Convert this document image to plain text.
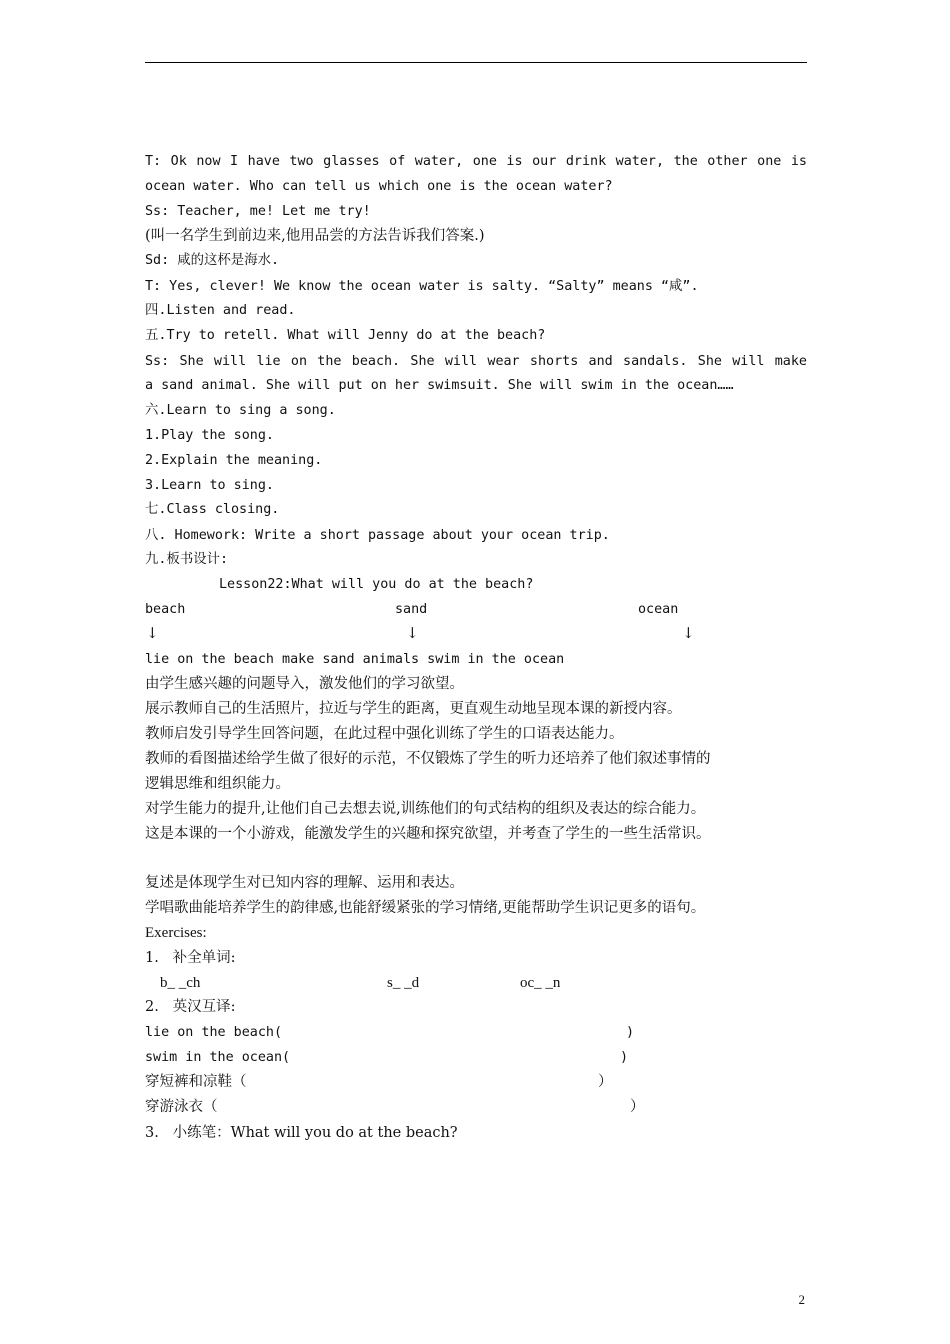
T: Ok now I have two glasses of water, one is our drink water, the other one is
ocean water. Who can tell us which one is the ocean water?
Ss: Teacher, me! Let me try!
(叫一名学生到前边来,他用品尝的方法告诉我们答案.)
Sd: 咸的这杯是海水.
T: Yes, clever! We know the ocean water is salty. “Salty” means “咸”.
四.Listen and read.
五.Try to retell. What will Jenny do at the beach?
Ss: She will lie on the beach. She will wear shorts and sandals. She will make
a sand animal. She will put on her swimsuit. She will swim in the ocean……
六.Learn to sing a song.
1.Play the song.
2.Explain the meaning.
3.Learn to sing.
七.Class closing.
八. Homework: Write a short passage about your ocean trip.
九.板书设计:
Lesson22:What will you do at the beach?
beach	sand	ocean
↓	↓	↓
lie on the beach make sand animals swim in the ocean
由学生感兴趣的问题导入，激发他们的学习欲望。
展示教师自己的生活照片，拉近与学生的距离，更直观生动地呈现本课的新授内容。
教师启发引导学生回答问题，在此过程中强化训练了学生的口语表达能力。
教师的看图描述给学生做了很好的示范，不仅锻炼了学生的听力还培养了他们叙述事情的
逻辑思维和组织能力。
对学生能力的提升,让他们自己去想去说,训练他们的句式结构的组织及表达的综合能力。
这是本课的一个小游戏，能激发学生的兴趣和探究欲望，并考查了学生的一些生活常识。
复述是体现学生对已知内容的理解、运用和表达。
学唱歌曲能培养学生的韵律感,也能舒缓紧张的学习情绪,更能帮助学生识记更多的语句。
Exercises:
1.   补全单词:
b_ _ch	s_ _d	oc_ _n
2.   英汉互译:
lie on the beach(	)
swim in the ocean(	)
穿短裤和凉鞋（	）
穿游泳衣（	）
3.   小练笔：What will you do at the beach?
2
